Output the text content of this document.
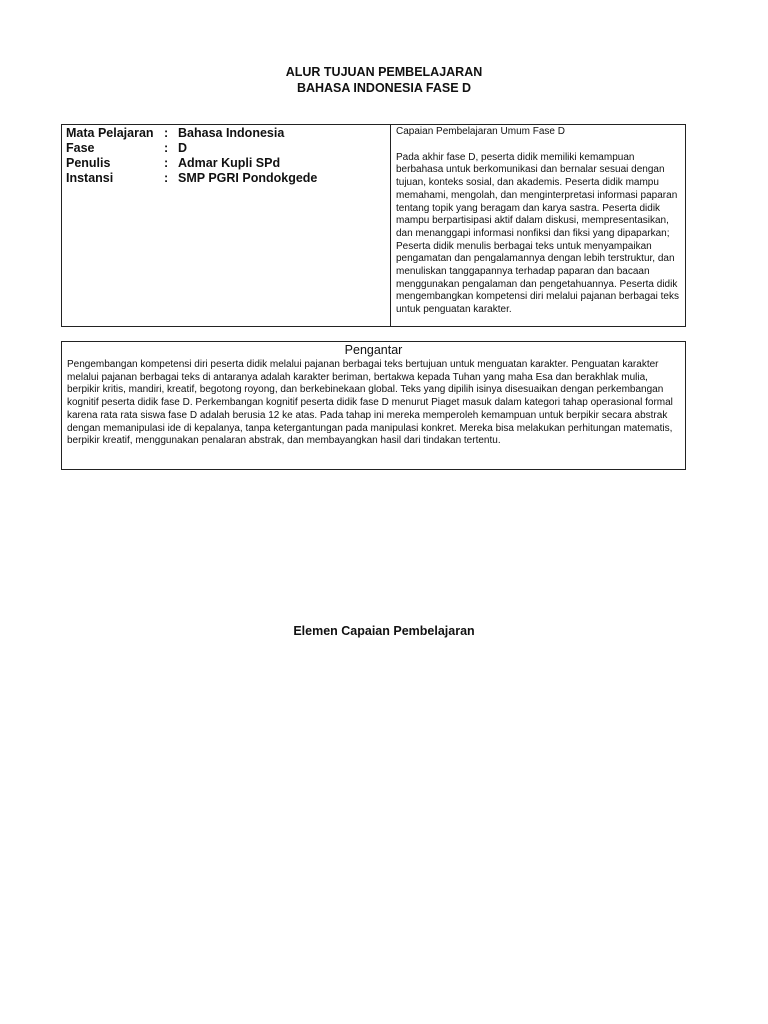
ALUR TUJUAN PEMBELAJARAN
BAHASA INDONESIA FASE D
Mata Pelajaran : Bahasa Indonesia
Fase	: D
Penulis	: Admar Kupli SPd
Instansi	: SMP PGRI Pondokgede

Capaian Pembelajaran Umum Fase D

Pada akhir fase D, peserta didik memiliki kemampuan berbahasa untuk berkomunikasi dan bernalar sesuai dengan tujuan, konteks sosial, dan akademis. Peserta didik mampu memahami, mengolah, dan menginterpretasi informasi paparan tentang topik yang beragam dan karya sastra. Peserta didik mampu berpartisipasi aktif dalam diskusi, mempresentasikan, dan menanggapi informasi nonfiksi dan fiksi yang dipaparkan; Peserta didik menulis berbagai teks untuk menyampaikan pengamatan dan pengalamannya dengan lebih terstruktur, dan menuliskan tanggapannya terhadap paparan dan bacaan menggunakan pengalaman dan pengetahuannya. Peserta didik mengembangkan kompetensi diri melalui pajanan berbagai teks untuk penguatan karakter.

Pengantar

Pengembangan kompetensi diri peserta didik melalui pajanan berbagai teks bertujuan untuk menguatan karakter. Penguatan karakter melalui pajanan berbagai teks di antaranya adalah karakter beriman, bertakwa kepada Tuhan yang maha Esa dan berakhlak mulia, berpikir kritis, mandiri, kreatif, begotong royong, dan berkebinekaan global. Teks yang dipilih isinya disesuaikan dengan perkembangan kognitif peserta didik fase D. Perkembangan kognitif peserta didik fase D menurut Piaget masuk dalam kategori tahap operasional formal karena rata rata siswa fase D adalah berusia 12 ke atas. Pada tahap ini mereka memperoleh kemampuan untuk berpikir secara abstrak dengan memanipulasi ide di kepalanya, tanpa ketergantungan pada manipulasi konkret. Mereka bisa melakukan perhitungan matematis, berpikir kreatif, menggunakan penalaran abstrak, dan membayangkan hasil dari tindakan tertentu.

Elemen Capaian Pembelajaran
